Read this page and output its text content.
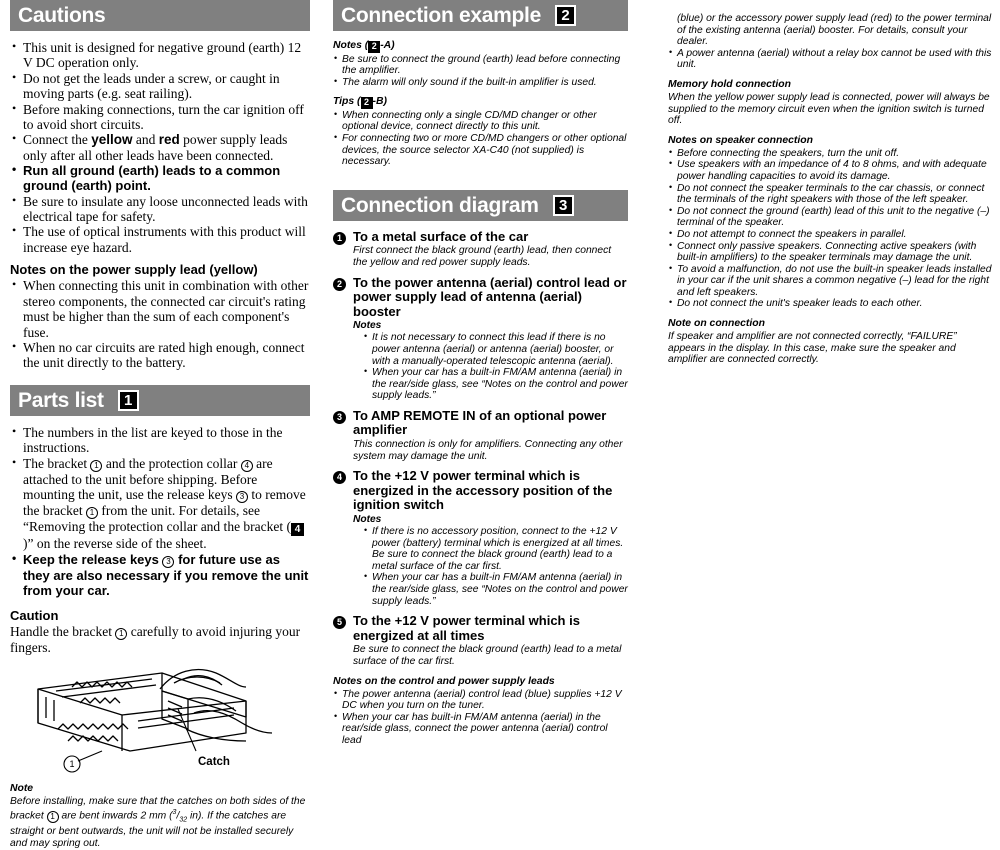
Cautions
• This unit is designed for negative ground (earth) 12 V DC operation only.
• Do not get the leads under a screw, or caught in moving parts (e.g. seat railing).
• Before making connections, turn the car ignition off to avoid short circuits.
• Connect the yellow and red power supply leads only after all other leads have been connected.
• Run all ground (earth) leads to a common ground (earth) point.
• Be sure to insulate any loose unconnected leads with electrical tape for safety.
• The use of optical instruments with this product will increase eye hazard.
Notes on the power supply lead (yellow)
• When connecting this unit in combination with other stereo components, the connected car circuit's rating must be higher than the sum of each component's fuse.
• When no car circuits are rated high enough, connect the unit directly to the battery.
Parts list	1
• The numbers in the list are keyed to those in the instructions.
• The bracket 1 and the protection collar 4 are attached to the unit before shipping. Before mounting the unit, use the release keys 3 to remove the bracket 1 from the unit. For details, see “Removing the protection collar and the bracket ( 4)” on the reverse side of the sheet.
• Keep the release keys 3 for future use as they are also necessary if you remove the unit from your car.
Caution

Handle the bracket 1 carefully to avoid injuring your fingers.

1	Catch
Note

Before installing, make sure that the catches on both sides of the bracket 1 are bent inwards 2 mm ($^3/_{32}$ in). If the catches are straight or bent outwards, the unit will not be installed securely and may spring out.

Connection example	2
Notes ( 2 -A)
• Be sure to connect the ground (earth) lead before connecting the amplifier.
• The alarm will only sound if the built-in amplifier is used.
Tips ( 2 -B)
• When connecting only a single CD/MD changer or other optional device, connect directly to this unit.
• For connecting two or more CD/MD changers or other optional devices, the source selector XA-C40 (not supplied) is necessary.
Connection diagram	3
1 To a metal surface of the car

First connect the black ground (earth) lead, then connect the yellow and red power supply leads.

2 To the power antenna (aerial) control lead or power supply lead of antenna (aerial) booster

Notes

• It is not necessary to connect this lead if there is no power antenna (aerial) or antenna (aerial) booster, or with a manually-operated telescopic antenna (aerial).
• When your car has a built-in FM/AM antenna (aerial) in the rear/side glass, see “Notes on the control and power supply leads.”
3 To AMP REMOTE IN of an optional power amplifier

This connection is only for amplifiers. Connecting any other system may damage the unit.

4 To the +12 V power terminal which is energized in the accessory position of the ignition switch

Notes

• If there is no accessory position, connect to the +12 V power (battery) terminal which is energized at all times. Be sure to connect the black ground (earth) lead to a metal surface of the car first.
• When your car has a built-in FM/AM antenna (aerial) in the rear/side glass, see “Notes on the control and power supply leads.”
5 To the +12 V power terminal which is energized at all times

Be sure to connect the black ground (earth) lead to a metal surface of the car first.

Notes on the control and power supply leads
• The power antenna (aerial) control lead (blue) supplies +12 V DC when you turn on the tuner.
• When your car has built-in FM/AM antenna (aerial) in the rear/side glass, connect the power antenna (aerial) control lead

(blue) or the accessory power supply lead (red) to the power terminal of the existing antenna (aerial) booster. For details, consult your dealer.

• A power antenna (aerial) without a relay box cannot be used with this unit.
Memory hold connection

When the yellow power supply lead is connected, power will always be supplied to the memory circuit even when the ignition switch is turned off.

Notes on speaker connection
• Before connecting the speakers, turn the unit off.
• Use speakers with an impedance of 4 to 8 ohms, and with adequate power handling capacities to avoid its damage.
• Do not connect the speaker terminals to the car chassis, or connect the terminals of the right speakers with those of the left speaker.
• Do not connect the ground (earth) lead of this unit to the negative (–) terminal of the speaker.
• Do not attempt to connect the speakers in parallel.
• Connect only passive speakers. Connecting active speakers (with built-in amplifiers) to the speaker terminals may damage the unit.
• To avoid a malfunction, do not use the built-in speaker leads installed in your car if the unit shares a common negative (–) lead for the right and left speakers.
• Do not connect the unit's speaker leads to each other.
Note on connection

If speaker and amplifier are not connected correctly, “FAILURE” appears in the display. In this case, make sure the speaker and amplifier are connected correctly.
